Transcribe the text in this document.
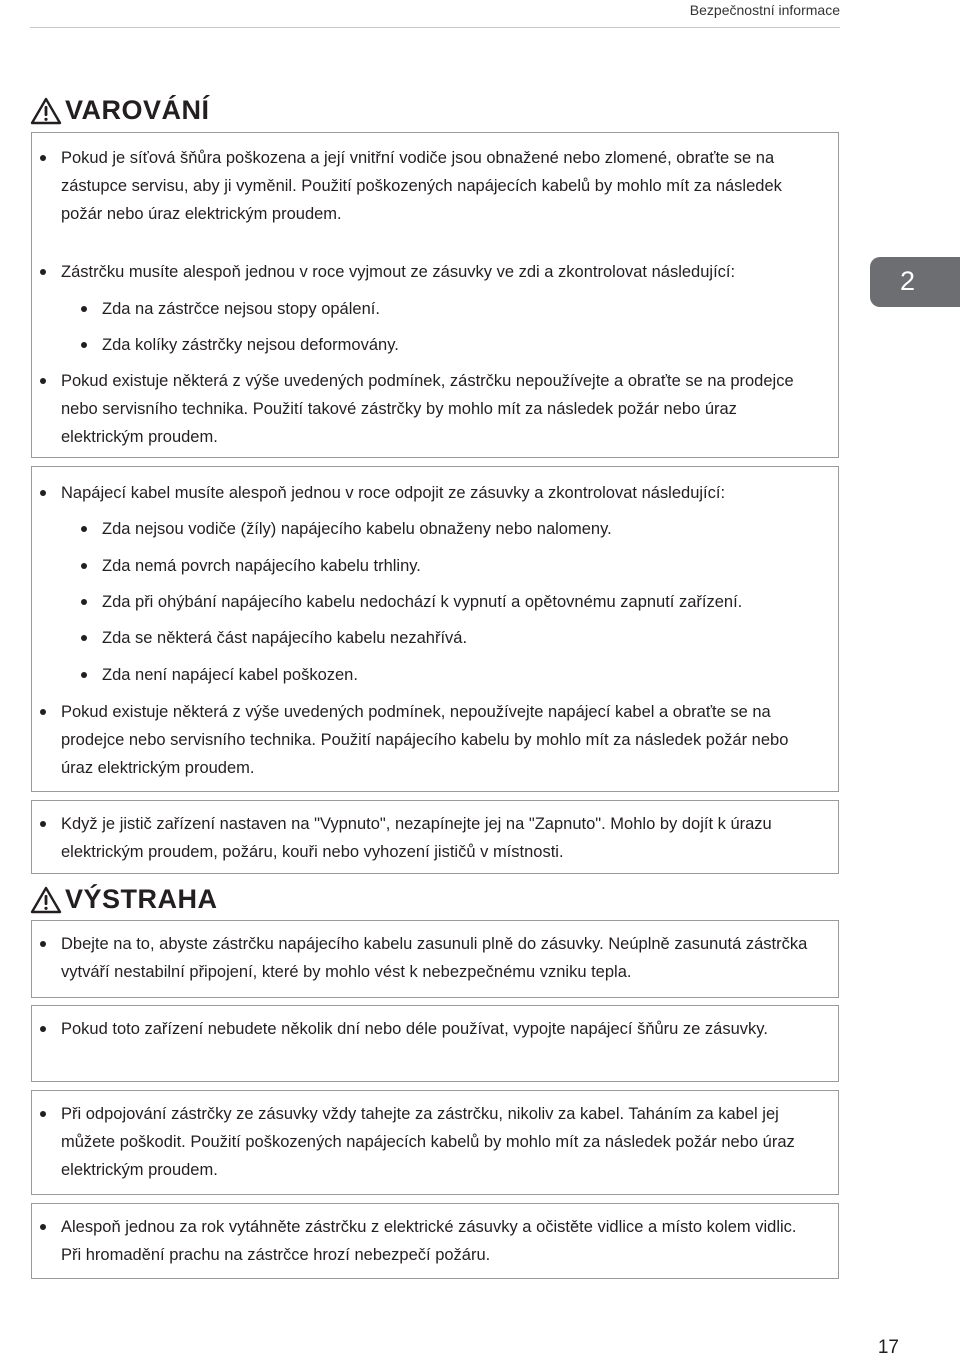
Bezpečnostní informace
2
VAROVÁNÍ
Pokud je síťová šňůra poškozena a její vnitřní vodiče jsou obnažené nebo zlomené, obraťte se na zástupce servisu, aby ji vyměnil. Použití poškozených napájecích kabelů by mohlo mít za následek požár nebo úraz elektrickým proudem.
Zástrčku musíte alespoň jednou v roce vyjmout ze zásuvky ve zdi a zkontrolovat následující:
Zda na zástrčce nejsou stopy opálení.
Zda kolíky zástrčky nejsou deformovány.
Pokud existuje některá z výše uvedených podmínek, zástrčku nepoužívejte a obraťte se na prodejce nebo servisního technika. Použití takové zástrčky by mohlo mít za následek požár nebo úraz elektrickým proudem.
Napájecí kabel musíte alespoň jednou v roce odpojit ze zásuvky a zkontrolovat následující:
Zda nejsou vodiče (žíly) napájecího kabelu obnaženy nebo nalomeny.
Zda nemá povrch napájecího kabelu trhliny.
Zda při ohýbání napájecího kabelu nedochází k vypnutí a opětovnému zapnutí zařízení.
Zda se některá část napájecího kabelu nezahřívá.
Zda není napájecí kabel poškozen.
Pokud existuje některá z výše uvedených podmínek, nepoužívejte napájecí kabel a obraťte se na prodejce nebo servisního technika. Použití napájecího kabelu by mohlo mít za následek požár nebo úraz elektrickým proudem.
Když je jistič zařízení nastaven na "Vypnuto", nezapínejte jej na "Zapnuto". Mohlo by dojít k úrazu elektrickým proudem, požáru, kouři nebo vyhození jističů v místnosti.
VÝSTRAHA
Dbejte na to, abyste zástrčku napájecího kabelu zasunuli plně do zásuvky. Neúplně zasunutá zástrčka vytváří nestabilní připojení, které by mohlo vést k nebezpečnému vzniku tepla.
Pokud toto zařízení nebudete několik dní nebo déle používat, vypojte napájecí šňůru ze zásuvky.
Při odpojování zástrčky ze zásuvky vždy tahejte za zástrčku, nikoliv za kabel. Taháním za kabel jej můžete poškodit. Použití poškozených napájecích kabelů by mohlo mít za následek požár nebo úraz elektrickým proudem.
Alespoň jednou za rok vytáhněte zástrčku z elektrické zásuvky a očistěte vidlice a místo kolem vidlic. Při hromadění prachu na zástrčce hrozí nebezpečí požáru.
17
